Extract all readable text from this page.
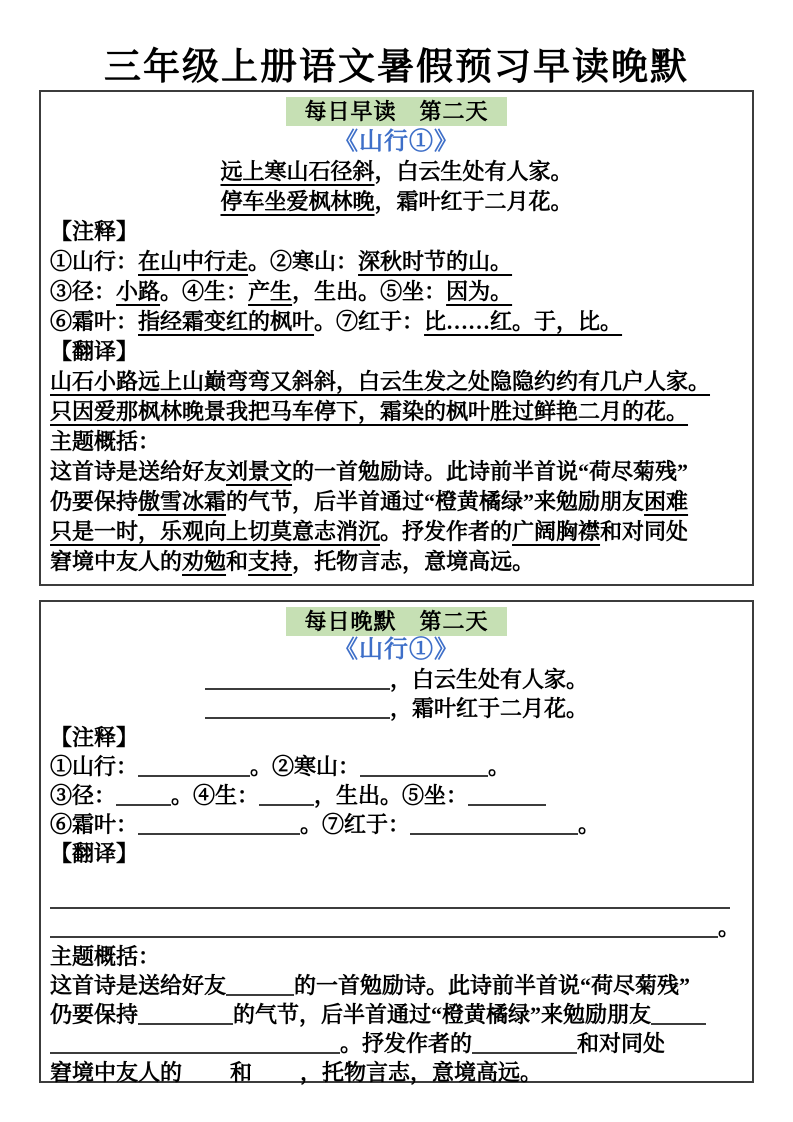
三年级上册语文暑假预习早读晚默
每日早读　第二天
《山行①》
远上寒山石径斜，白云生处有人家。
停车坐爱枫林晚，霜叶红于二月花。
【注释】
①山行：在山中行走。②寒山：深秋时节的山。
③径：小路。④生：产生，生出。⑤坐：因为。
⑥霜叶：指经霜变红的枫叶。⑦红于：比……红。于，比。
【翻译】
山石小路远上山巅弯弯又斜斜，白云生发之处隐隐约约有几户人家。
只因爱那枫林晚景我把马车停下，霜染的枫叶胜过鲜艳二月的花。
主题概括：
这首诗是送给好友刘景文的一首勉励诗。此诗前半首说“荷尽菊残”
仍要保持傲雪冰霜的气节，后半首通过“橙黄橘绿”来勉励朋友困难
只是一时，乐观向上切莫意志消沉。抒发作者的广阔胸襟和对同处
窘境中友人的劝勉和支持，托物言志，意境高远。
每日晚默　第二天
《山行①》
，白云生处有人家。
，霜叶红于二月花。
【注释】
①山行：	。②寒山：	。
③径：	。④生：	，生出。⑤坐：
⑥霜叶：	。⑦红于：	。
【翻译】
。
主题概括：
这首诗是送给好友	的一首勉励诗。此诗前半首说“荷尽菊残”
仍要保持	的气节，后半首通过“橙黄橘绿”来勉励朋友
。抒发作者的	和对同处
窘境中友人的 和 ，托物言志，意境高远。
